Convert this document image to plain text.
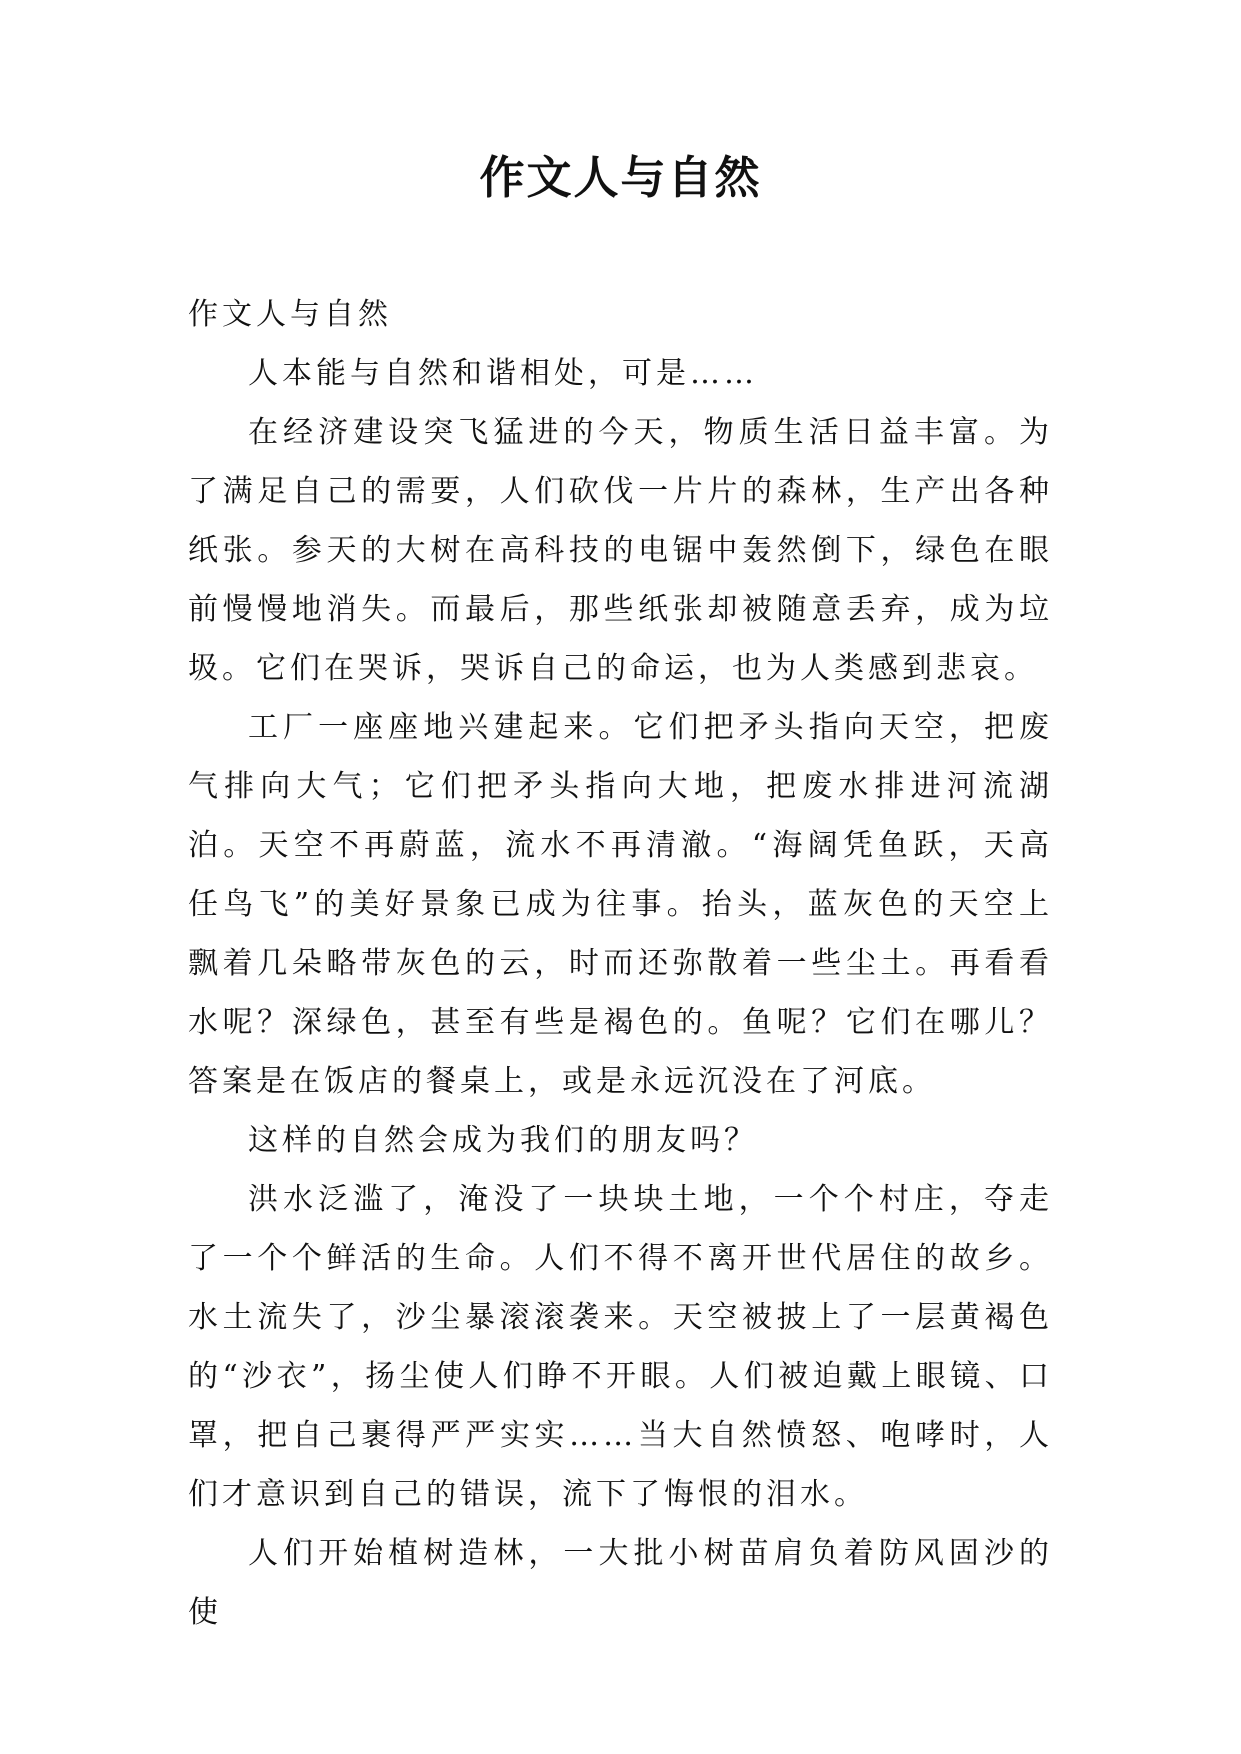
作文人与自然

作文人与自然

人本能与自然和谐相处，可是……

在经济建设突飞猛进的今天，物质生活日益丰富。为了满足自己的需要，人们砍伐一片片的森林，生产出各种纸张。参天的大树在高科技的电锯中轰然倒下，绿色在眼前慢慢地消失。而最后，那些纸张却被随意丢弃，成为垃圾。它们在哭诉，哭诉自己的命运，也为人类感到悲哀。

工厂一座座地兴建起来。它们把矛头指向天空，把废气排向大气；它们把矛头指向大地，把废水排进河流湖泊。天空不再蔚蓝，流水不再清澈。“海阔凭鱼跃，天高任鸟飞”的美好景象已成为往事。抬头，蓝灰色的天空上飘着几朵略带灰色的云，时而还弥散着一些尘土。再看看水呢？深绿色，甚至有些是褐色的。鱼呢？它们在哪儿？答案是在饭店的餐桌上，或是永远沉没在了河底。

这样的自然会成为我们的朋友吗？

洪水泛滥了，淹没了一块块土地，一个个村庄，夺走了一个个鲜活的生命。人们不得不离开世代居住的故乡。水土流失了，沙尘暴滚滚袭来。天空被披上了一层黄褐色的“沙衣”，扬尘使人们睁不开眼。人们被迫戴上眼镜、口罩，把自己裹得严严实实……当大自然愤怒、咆哮时，人们才意识到自己的错误，流下了悔恨的泪水。

人们开始植树造林，一大批小树苗肩负着防风固沙的使
